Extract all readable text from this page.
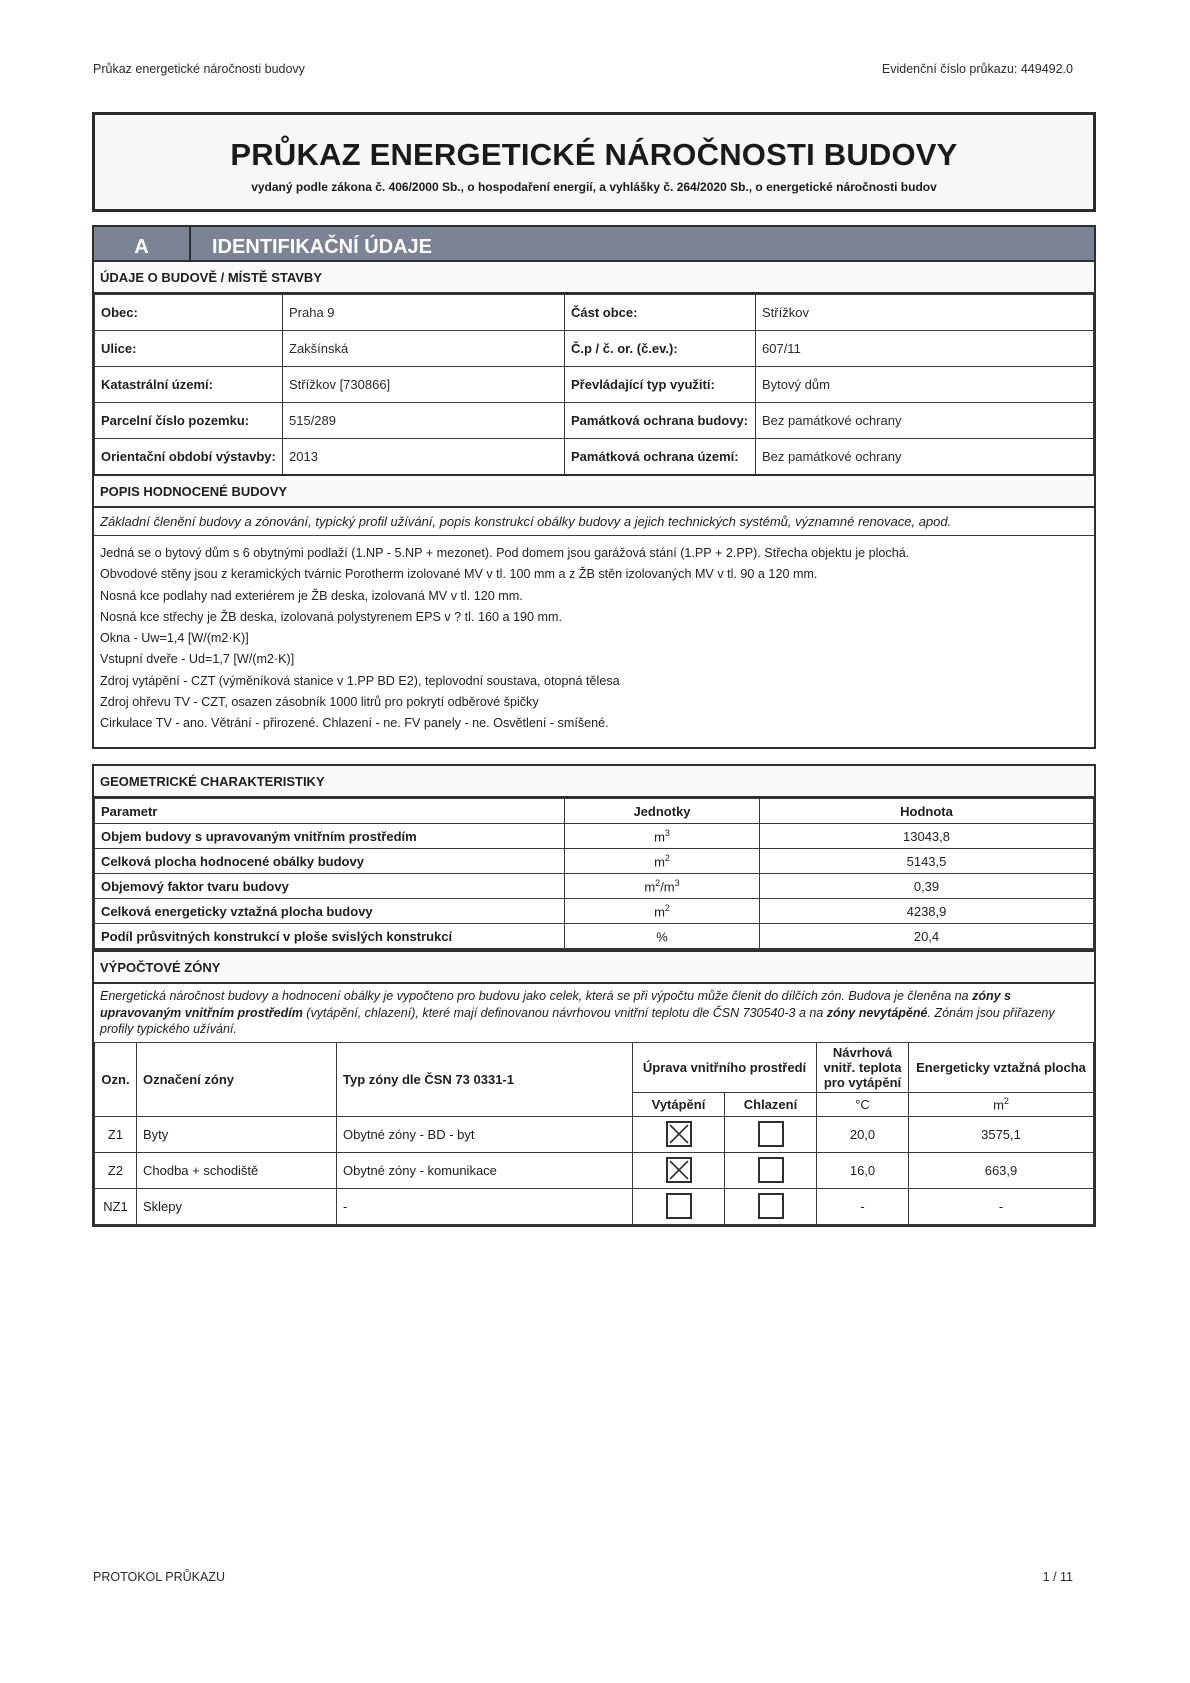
Průkaz energetické náročnosti budovy	Evidenční číslo průkazu: 449492.0
PRŮKAZ ENERGETICKÉ NÁROČNOSTI BUDOVY
vydaný podle zákona č. 406/2000 Sb., o hospodaření energií, a vyhlášky č. 264/2020 Sb., o energetické náročnosti budov
A	IDENTIFIKAČNÍ ÚDAJE
ÚDAJE O BUDOVĚ / MÍSTĚ STAVBY
Obec:	Praha 9	Část obce:	Střížkov
Ulice:	Zakšínská	Č.p / č. or. (č.ev.):	607/11
Katastrální území:	Střížkov [730866]	Převládající typ využití:	Bytový dům
Parcelní číslo pozemku:	515/289	Památková ochrana budovy:	Bez památkové ochrany
Orientační období výstavby:	2013	Památková ochrana území:	Bez památkové ochrany
POPIS HODNOCENÉ BUDOVY
Základní členění budovy a zónování, typický profil užívání, popis konstrukcí obálky budovy a jejich technických systémů, významné renovace, apod.
Jedná se o bytový dům s 6 obytnými podlaží (1.NP - 5.NP + mezonet). Pod domem jsou garážová stání (1.PP + 2.PP). Střecha objektu je plochá.
Obvodové stěny jsou z keramických tvárnic Porotherm izolované MV v tl. 100 mm a z ŽB stěn izolovaných MV v tl. 90 a 120 mm.
Nosná kce podlahy nad exteriérem je ŽB deska, izolovaná MV v tl. 120 mm.
Nosná kce střechy je ŽB deska, izolovaná polystyrenem EPS v ? tl. 160 a 190 mm.
Okna - Uw=1,4 [W/(m2·K)]
Vstupní dveře - Ud=1,7 [W/(m2·K)]
Zdroj vytápění - CZT (výměníková stanice v 1.PP BD E2), teplovodní soustava, otopná tělesa
Zdroj ohřevu TV - CZT, osazen zásobník 1000 litrů pro pokrytí odběrové špičky
Cirkulace TV - ano. Větrání - přirozené. Chlazení - ne. FV panely - ne. Osvětlení - smíšené.
GEOMETRICKÉ CHARAKTERISTIKY
Parametr	Jednotky	Hodnota
Objem budovy s upravovaným vnitřním prostředím	$m^3$	13043,8
Celková plocha hodnocené obálky budovy	$m^2$	5143,5
Objemový faktor tvaru budovy	$m^2/m^3$	0,39
Celková energeticky vztažná plocha budovy	$m^2$	4238,9
Podíl průsvitných konstrukcí v ploše svislých konstrukcí	%	20,4
VÝPOČTOVÉ ZÓNY
Energetická náročnost budovy a hodnocení obálky je vypočteno pro budovu jako celek, která se při výpočtu může členit do dílčích zón. Budova je členěna na zóny s upravovaným vnitřním prostředím (vytápění, chlazení), které mají definovanou návrhovou vnitřní teplotu dle ČSN 730540-3 a na zóny nevytápěné. Zónám jsou přiřazeny profily typického užívání.
Ozn.	Označení zóny	Typ zóny dle ČSN 73 0331-1	Úprava vnitřního prostředí		Návrhová vnitř. teplota pro vytápění	Energeticky vztažná plocha
			Vytápění	Chlazení	°C	$m^2$
Z1	Byty	Obytné zóny - BD - byt			20,0	3575,1
Z2	Chodba + schodiště	Obytné zóny - komunikace			16,0	663,9
NZ1	Sklepy	-			-	-
PROTOKOL PRŮKAZU	1 / 11
